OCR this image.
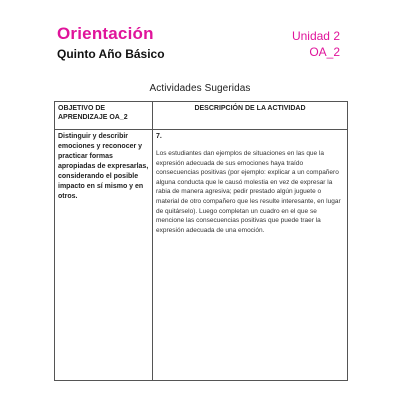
Orientación
Quinto Año Básico
Unidad 2
OA_2
Actividades Sugeridas
OBJETIVO DE APRENDIZAJE OA_2	DESCRIPCIÓN DE LA ACTIVIDAD

Distinguir y describir emociones y reconocer y practicar formas apropiadas de expresarlas, considerando el posible impacto en sí mismo y en otros.	7.
Los estudiantes dan ejemplos de situaciones en las que la expresión adecuada de sus emociones haya traído consecuencias positivas (por ejemplo: explicar a un compañero alguna conducta que le causó molestia en vez de expresar la rabia de manera agresiva; pedir prestado algún juguete o material de otro compañero que les resulte interesante, en lugar de quitárselo). Luego completan un cuadro en el que se mencione las consecuencias positivas que puede traer la expresión adecuada de una emoción.
